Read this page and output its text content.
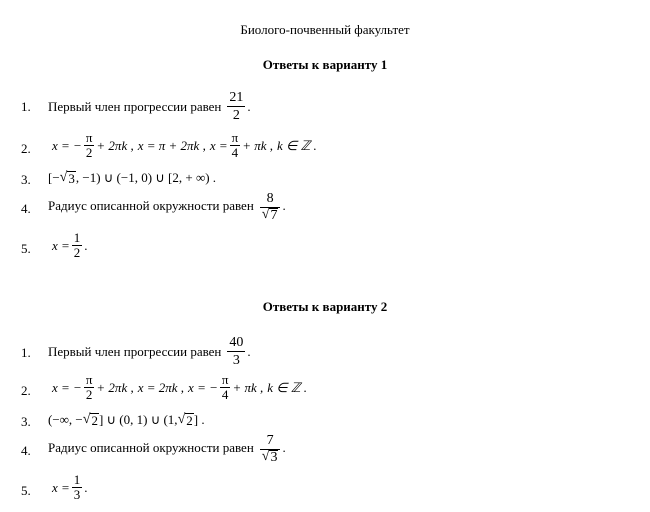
Биолого-почвенный факультет
Ответы к варианту 1
1. Первый член прогрессии равен $\frac{21}{2}$ .
2. x = − $\frac{\pi}{2} + 2\pi k$ , x = π + 2πk , $x = \frac{\pi}{4} + \pi k$ , k ∈ ℤ .
3. [− √ 3 , −1) ∪ (−1, 0) ∪ [2, + ∞) .
4. Радиус описанной окружности равен $\frac{8}{√ 7}$ .
5. $x = \frac{1}{2}$ .
Ответы к варианту 2
1. Первый член прогрессии равен $\frac{40}{3}$ .
2. x = − $\frac{\pi}{2} + 2\pi k$ , x = 2πk , x = − $\frac{\pi}{4} + \pi k$ , k ∈ ℤ .
3. (−∞, − √ 2 ] ∪ (0, 1) ∪ (1, √ 2 ] .
4. Радиус описанной окружности равен $\frac{7}{√ 3}$ .
5. $x = \frac{1}{3}$ .
